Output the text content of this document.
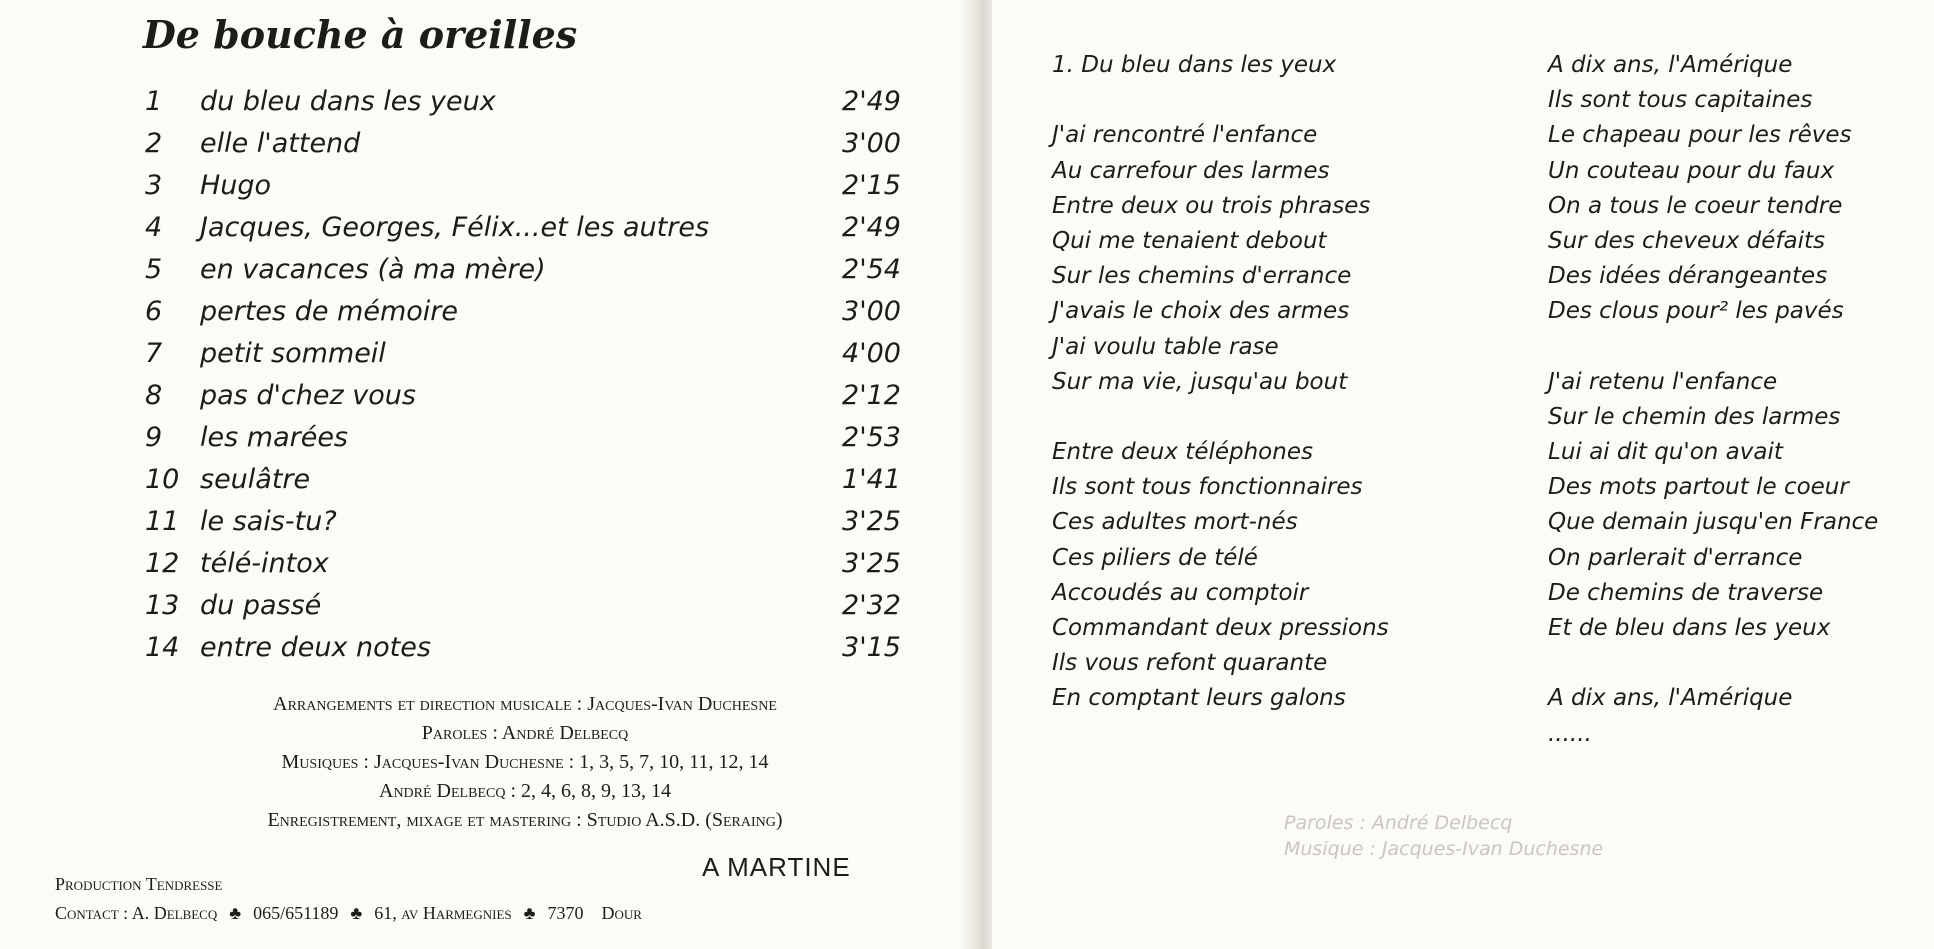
De bouche à oreilles
1	du bleu dans les yeux	2'49
2	elle l'attend	3'00
3	Hugo	2'15
4	Jacques, Georges, Félix...et les autres	2'49
5	en vacances (à ma mère)	2'54
6	pertes de mémoire	3'00
7	petit sommeil	4'00
8	pas d'chez vous	2'12
9	les marées	2'53
10 seulâtre	1'41
11 le sais-tu?	3'25
12 télé-intox	3'25
13 du passé	2'32
14 entre deux notes	3'15
Arrangements et direction musicale : Jacques-Ivan Duchesne
Paroles : André Delbecq
Musiques : Jacques-Ivan Duchesne : 1, 3, 5, 7, 10, 11, 12, 14
André Delbecq : 2, 4, 6, 8, 9, 13, 14
Enregistrement, mixage et mastering : Studio A.S.D. (Seraing)
A MARTINE
Production Tendresse
Contact : A. Delbecq ♣ 065/651189 ♣ 61, av Harmegnies ♣ 7370 Dour
1. Du bleu dans les yeux
J'ai rencontré l'enfance
Au carrefour des larmes
Entre deux ou trois phrases
Qui me tenaient debout
Sur les chemins d'errance
J'avais le choix des armes
J'ai voulu table rase
Sur ma vie, jusqu'au bout
Entre deux téléphones
Ils sont tous fonctionnaires
Ces adultes mort-nés
Ces piliers de télé
Accoudés au comptoir
Commandant deux pressions
Ils vous refont quarante
En comptant leurs galons
A dix ans, l'Amérique
Ils sont tous capitaines
Le chapeau pour les rêves
Un couteau pour du faux
On a tous le coeur tendre
Sur des cheveux défaits
Des idées dérangeantes
Des clous pour² les pavés
J'ai retenu l'enfance
Sur le chemin des larmes
Lui ai dit qu'on avait
Des mots partout le coeur
Que demain jusqu'en France
On parlerait d'errance
De chemins de traverse
Et de bleu dans les yeux
A dix ans, l'Amérique
......
Paroles : André Delbecq
Musique : Jacques-Ivan Duchesne
